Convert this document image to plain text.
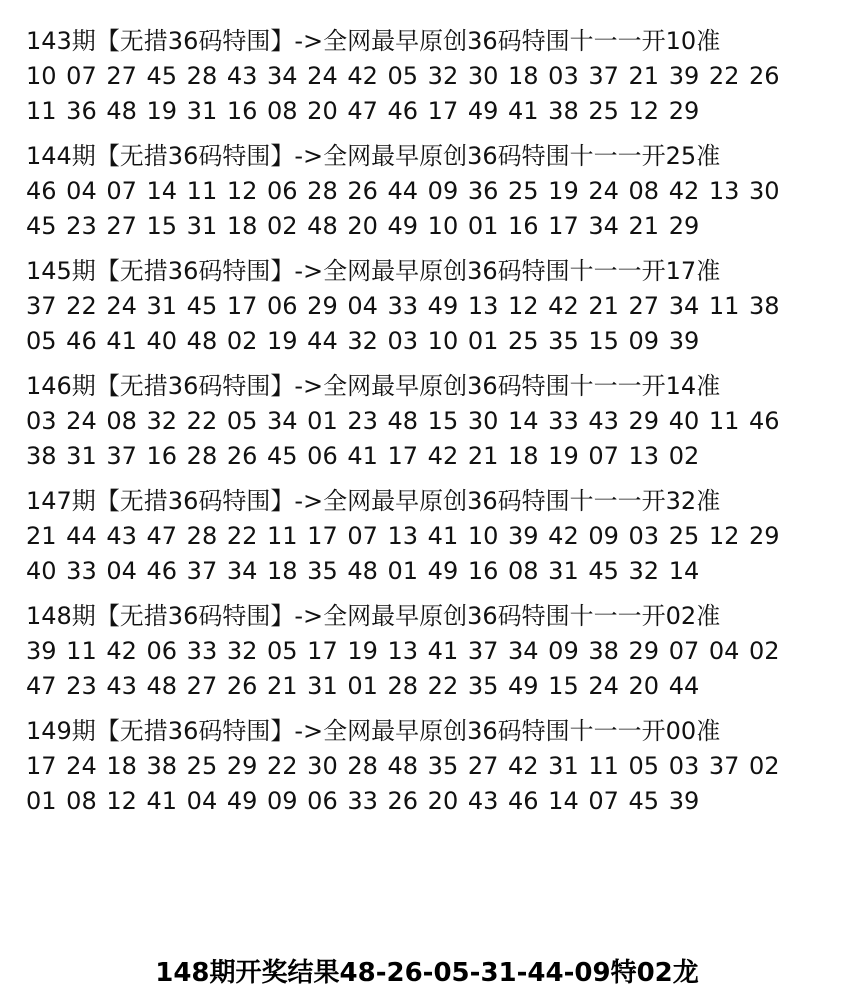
143期【无措36码特围】->全网最早原创36码特围十一一开10准
10 07 27 45 28 43 34 24 42 05 32 30 18 03 37 21 39 22 26
11 36 48 19 31 16 08 20 47 46 17 49 41 38 25 12 29
144期【无措36码特围】->全网最早原创36码特围十一一开25准
46 04 07 14 11 12 06 28 26 44 09 36 25 19 24 08 42 13 30
45 23 27 15 31 18 02 48 20 49 10 01 16 17 34 21 29
145期【无措36码特围】->全网最早原创36码特围十一一开17准
37 22 24 31 45 17 06 29 04 33 49 13 12 42 21 27 34 11 38
05 46 41 40 48 02 19 44 32 03 10 01 25 35 15 09 39
146期【无措36码特围】->全网最早原创36码特围十一一开14准
03 24 08 32 22 05 34 01 23 48 15 30 14 33 43 29 40 11 46
38 31 37 16 28 26 45 06 41 17 42 21 18 19 07 13 02
147期【无措36码特围】->全网最早原创36码特围十一一开32准
21 44 43 47 28 22 11 17 07 13 41 10 39 42 09 03 25 12 29
40 33 04 46 37 34 18 35 48 01 49 16 08 31 45 32 14
148期【无措36码特围】->全网最早原创36码特围十一一开02准
39 11 42 06 33 32 05 17 19 13 41 37 34 09 38 29 07 04 02
47 23 43 48 27 26 21 31 01 28 22 35 49 15 24 20 44
149期【无措36码特围】->全网最早原创36码特围十一一开00准
17 24 18 38 25 29 22 30 28 48 35 27 42 31 11 05 03 37 02
01 08 12 41 04 49 09 06 33 26 20 43 46 14 07 45 39
148期开奖结果48-26-05-31-44-09特02龙
